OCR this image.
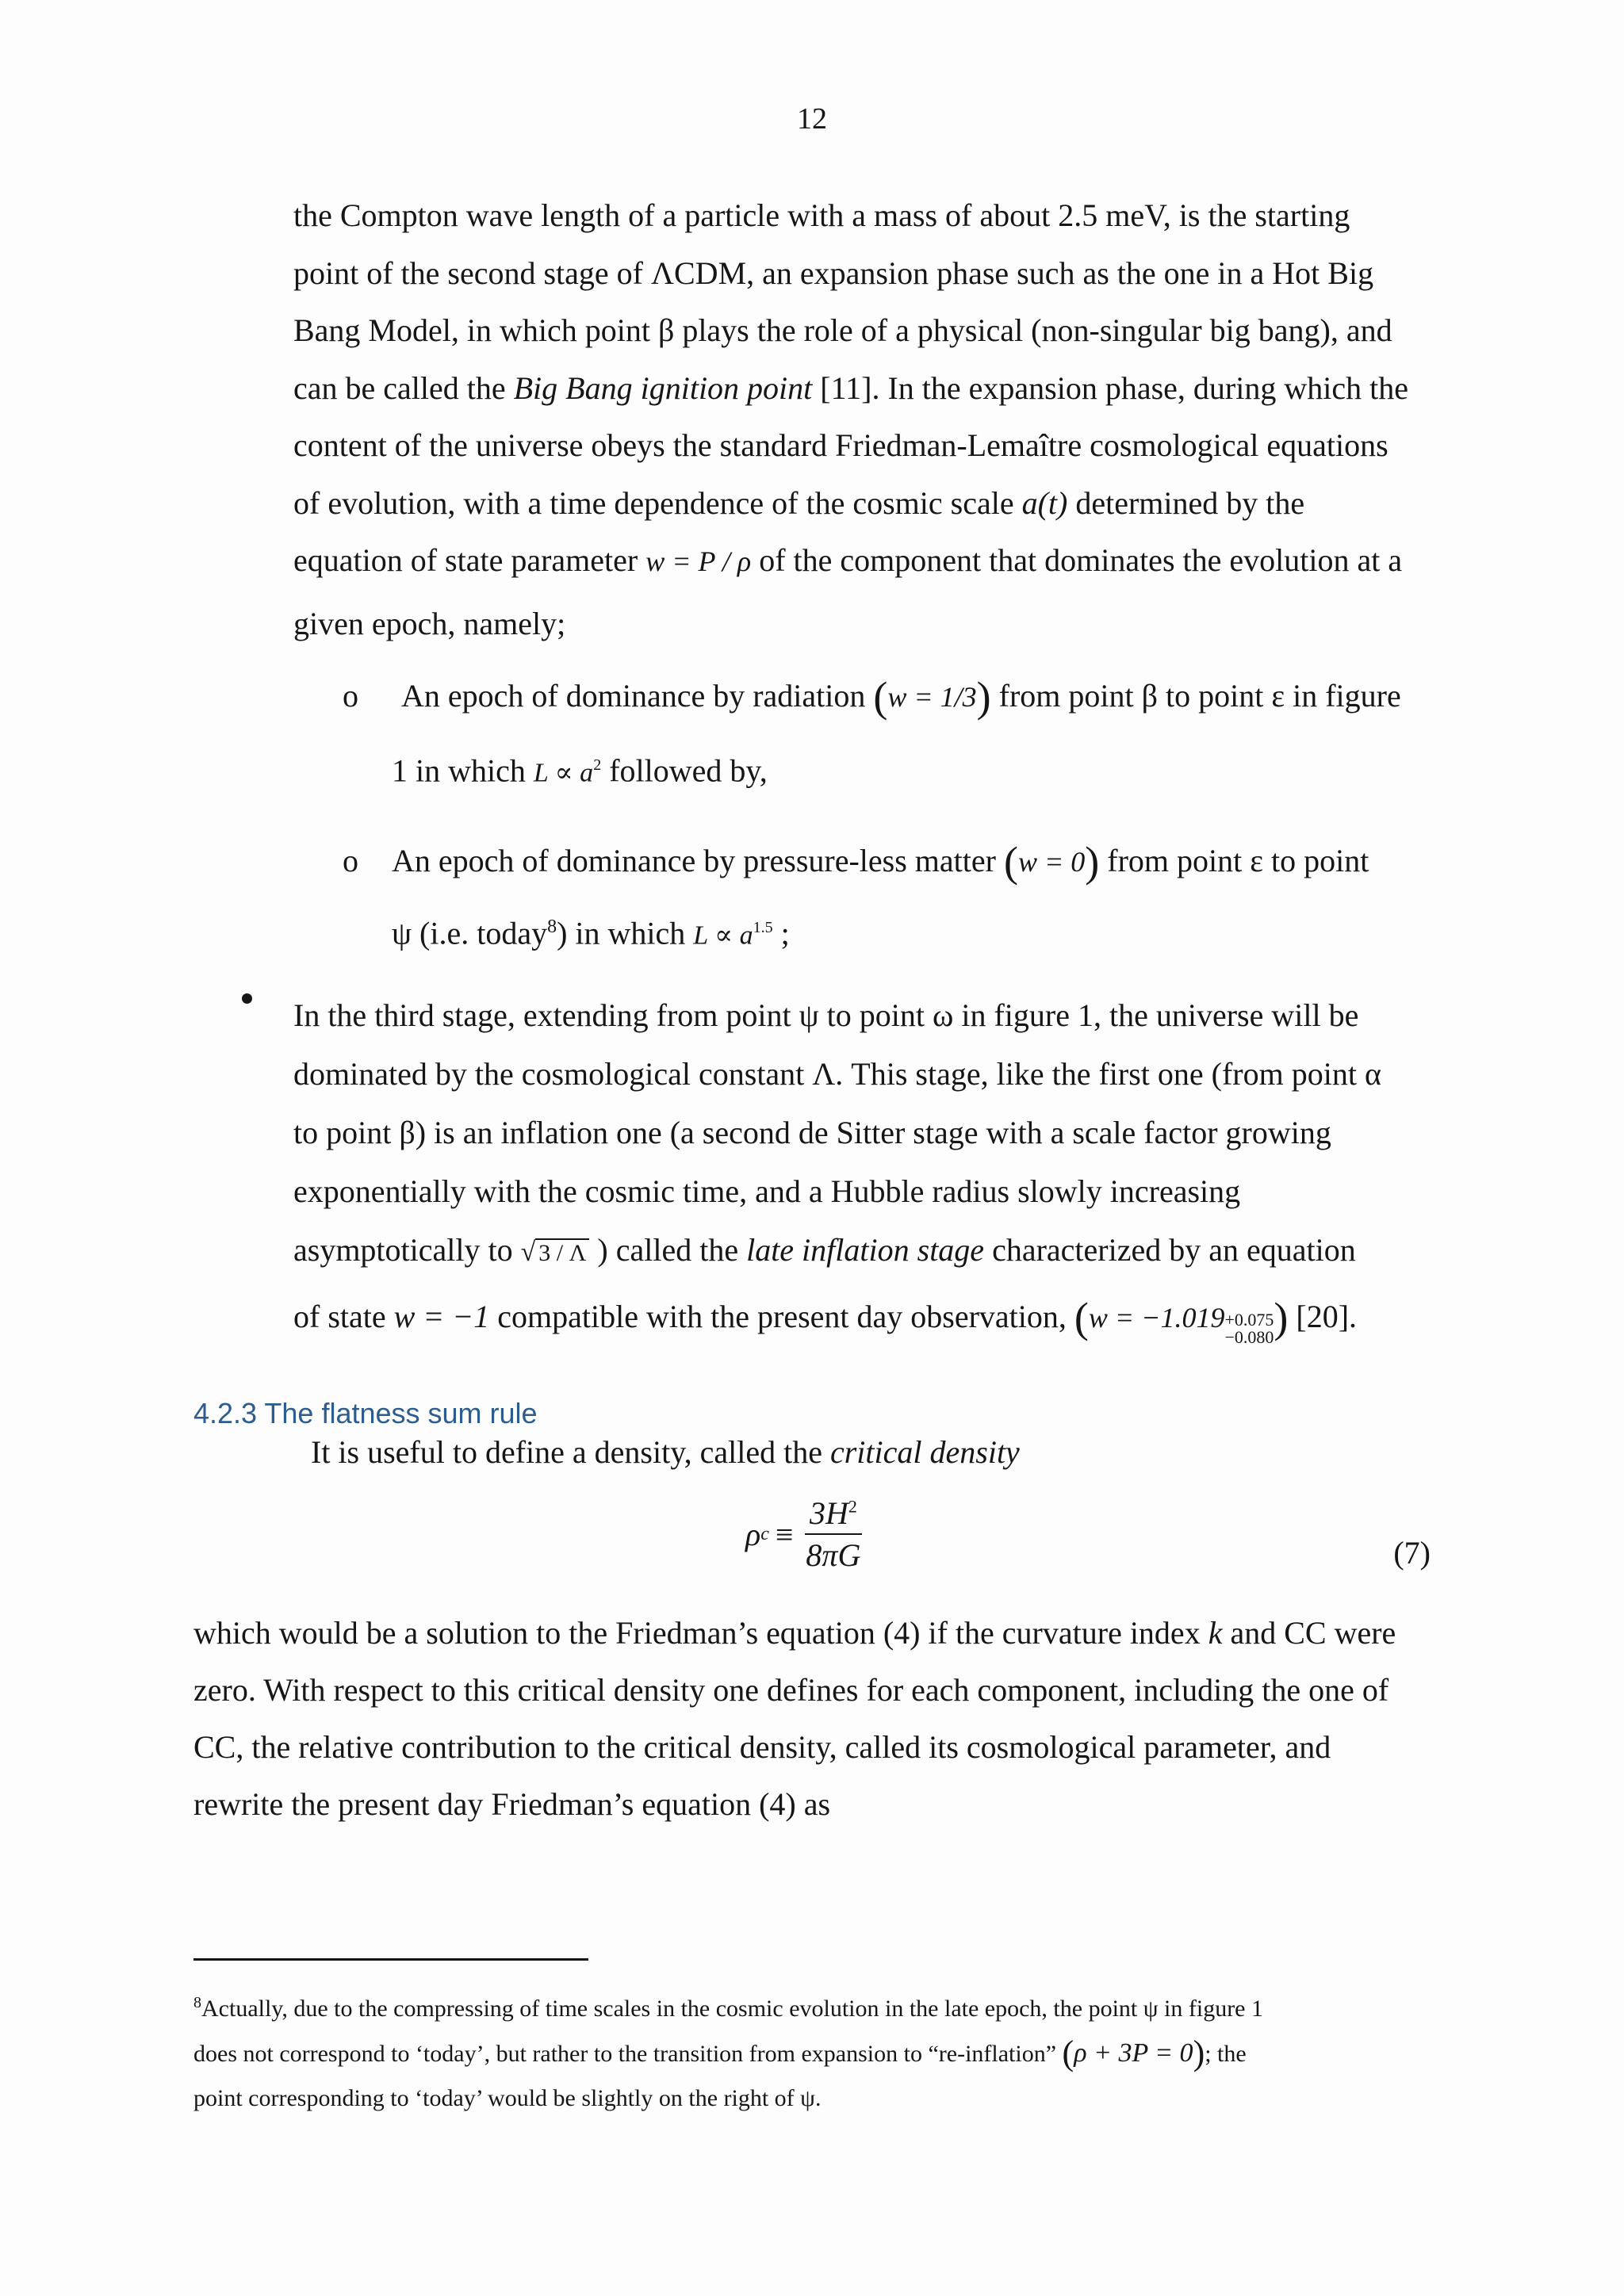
12
the Compton wave length of a particle with a mass of about 2.5 meV, is the starting
point of the second stage of ΛCDM, an expansion phase such as the one in a Hot Big
Bang Model, in which point β plays the role of a physical (non-singular big bang), and
can be called the Big Bang ignition point [11]. In the expansion phase, during which the
content of the universe obeys the standard Friedman-Lemaître cosmological equations
of evolution, with a time dependence of the cosmic scale a(t) determined by the
equation of state parameter w = P / ρ of the component that dominates the evolution at a
given epoch, namely;
o	An epoch of dominance by radiation (w = 1/3) from point β to point ε in figure
1 in which $L \propto a^2$ followed by,
o An epoch of dominance by pressure-less matter (w = 0) from point ε to point
ψ (i.e. today$^8$) in which $L \propto a^{1.5}$ ;
In the third stage, extending from point ψ to point ω in figure 1, the universe will be
dominated by the cosmological constant Λ. This stage, like the first one (from point α
to point β) is an inflation one (a second de Sitter stage with a scale factor growing
exponentially with the cosmic time, and a Hubble radius slowly increasing
asymptotically to √ 3 / Λ ) called the late inflation stage characterized by an equation
of state w = −1 compatible with the present day observation, (w = −1.019 +0.075
−0.080 ) [20].
4.2.3 The flatness sum rule
It is useful to define a density, called the critical density
ρ $c \equiv \frac{3H^2}{8\pi G}$	(7)
which would be a solution to the Friedman’s equation (4) if the curvature index k and CC were
zero. With respect to this critical density one defines for each component, including the one of
CC, the relative contribution to the critical density, called its cosmological parameter, and
rewrite the present day Friedman’s equation (4) as
$^8$Actually, due to the compressing of time scales in the cosmic evolution in the late epoch, the point ψ in figure 1
does not correspond to ‘today’, but rather to the transition from expansion to “re-inflation” (ρ + 3P = 0); the
point corresponding to ‘today’ would be slightly on the right of ψ.
